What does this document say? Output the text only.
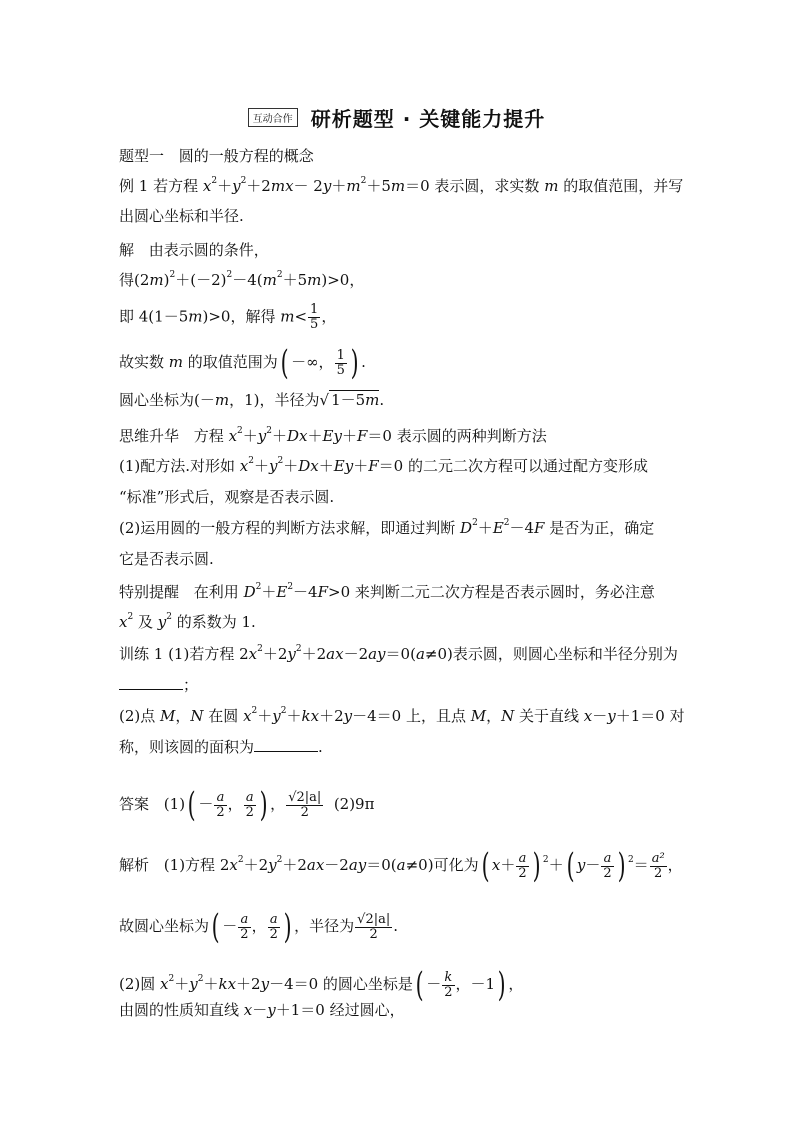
互动合作 研析题型 · 关键能力提升
题型一 圆的一般方程的概念
例 1 若方程 $x^2+y^2+2mx- 2y+m^2+5m=0$ 表示圆，求实数 m 的取值范围，并写
出圆心坐标和半径.
解 由表示圆的条件，
得$(2m)^2+(-2)^2-4(m^2+5m)>0$，
即 4(1－5m)>0，解得 $m< \frac{1}{5}$ ，
故实数 m 的取值范围为( －∞， $\frac{1}{5}$ ) .
圆心坐标为(－m，1)，半径为√ 1－5m.
思维升华 方程 $x^2+y^2+Dx+Ey+F=0$ 表示圆的两种判断方法
(1)配方法.对形如 $x^2+y^2+Dx+Ey+F=0$ 的二元二次方程可以通过配方变形成
“标准”形式后，观察是否表示圆.
(2)运用圆的一般方程的判断方法求解，即通过判断 $D^2+E^2-4F$ 是否为正，确定
它是否表示圆.
特别提醒 在利用 $D^2+E^2-4F>0$ 来判断二元二次方程是否表示圆时，务必注意
$x^2$ 及 $y^2$ 的系数为 1.
训练 1 (1)若方程 $2x^2+2y^2+2ax-2ay=0(a\ne 0)$表示圆，则圆心坐标和半径分别为
；
(2)点 M，N 在圆 $x^2+y^2+kx+2y-4=0$ 上，且点 M，N 关于直线 x－y＋1＝0 对
称，则该圆的面积为	.
答案 $(1)( - \frac{a}{2}$ ， $\frac{a}{2}$ ) ， $\frac{√2|a|}{2} (2)9\pi$
解析 (1)方程 $2x^2+2y^2+2ax-2ay=0(a\ne 0)$可化为( $x+ \frac{a}{2}$ ) $^2$＋( $y- \frac{a}{2}$ ) $^2= \frac{\text{a²}}{2}$ ，
故圆心坐标为( － $\frac{a}{2}$ ， $\frac{a}{2}$ ) ，半径为 $\frac{√2|a|}{2}$ .
(2)圆 $x^2+y^2+kx+2y-4=0$ 的圆心坐标是( － $\frac{k}{2}$ ，－1) ，
由圆的性质知直线 x－y＋1＝0 经过圆心，
